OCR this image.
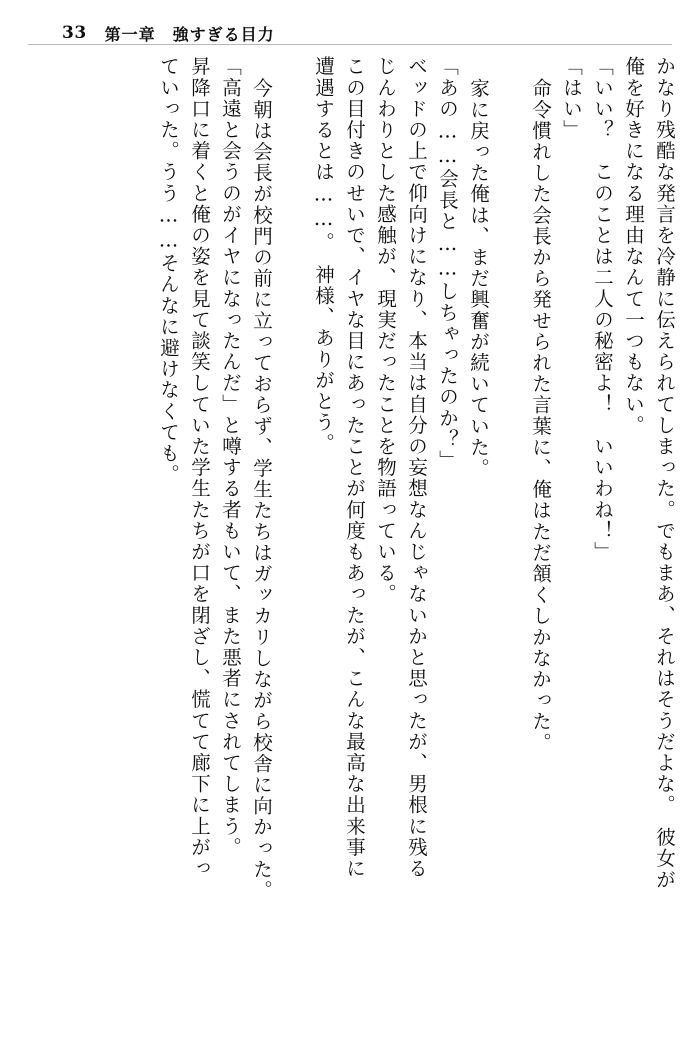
33 第一章　強すぎる目力
かなり残酷な発言を冷静に伝えられてしまった。でもまあ、それはそうだよな。　彼女が
俺を好きになる理由なんて一つもない。
「いい？　このことは二人の秘密よ！　いいわね！」
「はい」
命令慣れした会長から発せられた言葉に、俺はただ頷くしかなかった。
家に戻った俺は、まだ興奮が続いていた。
「あの……会長と……しちゃったのか？」
ベッドの上で仰向けになり、本当は自分の妄想なんじゃないかと思ったが、男根に残る
じんわりとした感触が、現実だったことを物語っている。
この目付きのせいで、イヤな目にあったことが何度もあったが、こんな最高な出来事に
遭遇するとは……。　神様、ありがとう。
今朝は会長が校門の前に立っておらず、学生たちはガッカリしながら校舎に向かった。
「高遠と会うのがイヤになったんだ」と噂する者もいて、また悪者にされてしまう。
昇降口に着くと俺の姿を見て談笑していた学生たちが口を閉ざし、慌てて廊下に上がっ
ていった。うう……そんなに避けなくても。
